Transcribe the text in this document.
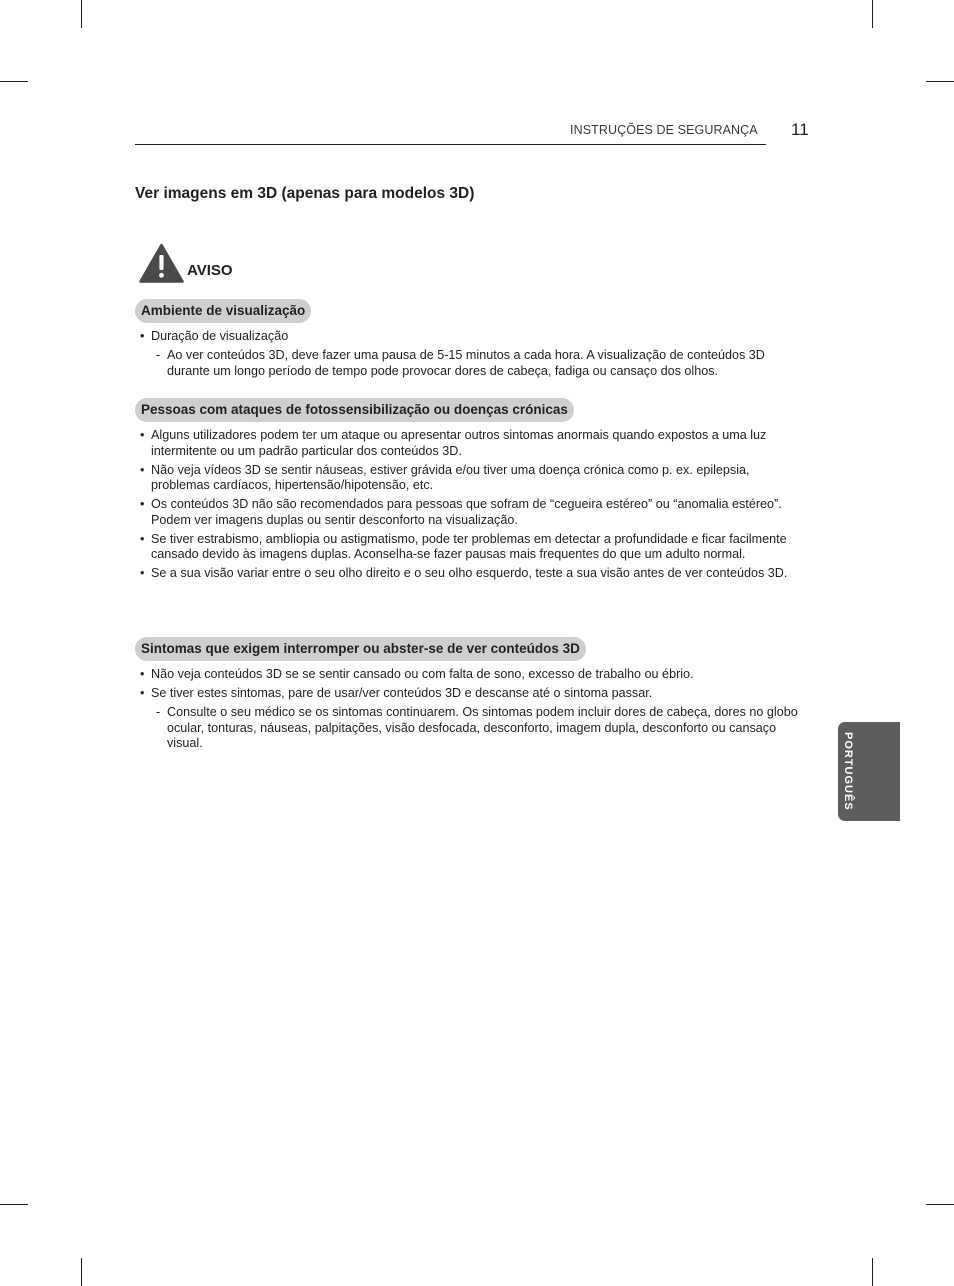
INSTRUÇÕES DE SEGURANÇA 11
Ver imagens em 3D (apenas para modelos 3D)
AVISO
Ambiente de visualização
• Duração de visualização
- Ao ver conteúdos 3D, deve fazer uma pausa de 5-15 minutos a cada hora. A visualização de conteúdos 3D durante um longo período de tempo pode provocar dores de cabeça, fadiga ou cansaço dos olhos.
Pessoas com ataques de fotossensibilização ou doenças crónicas
• Alguns utilizadores podem ter um ataque ou apresentar outros sintomas anormais quando expostos a uma luz intermitente ou um padrão particular dos conteúdos 3D.
• Não veja vídeos 3D se sentir náuseas, estiver grávida e/ou tiver uma doença crónica como p. ex. epilepsia, problemas cardíacos, hipertensão/hipotensão, etc.
• Os conteúdos 3D não são recomendados para pessoas que sofram de “cegueira estéreo” ou “anomalia estéreo”. Podem ver imagens duplas ou sentir desconforto na visualização.
• Se tiver estrabismo, ambliopia ou astigmatismo, pode ter problemas em detectar a profundidade e ficar facilmente cansado devido às imagens duplas. Aconselha-se fazer pausas mais frequentes do que um adulto normal.
• Se a sua visão variar entre o seu olho direito e o seu olho esquerdo, teste a sua visão antes de ver conteúdos 3D.
Sintomas que exigem interromper ou abster-se de ver conteúdos 3D
• Não veja conteúdos 3D se se sentir cansado ou com falta de sono, excesso de trabalho ou ébrio.
• Se tiver estes sintomas, pare de usar/ver conteúdos 3D e descanse até o sintoma passar.
- Consulte o seu médico se os sintomas continuarem. Os sintomas podem incluir dores de cabeça, dores no globo ocular, tonturas, náuseas, palpitações, visão desfocada, desconforto, imagem dupla, desconforto ou cansaço visual.	PORTUGUÊS
